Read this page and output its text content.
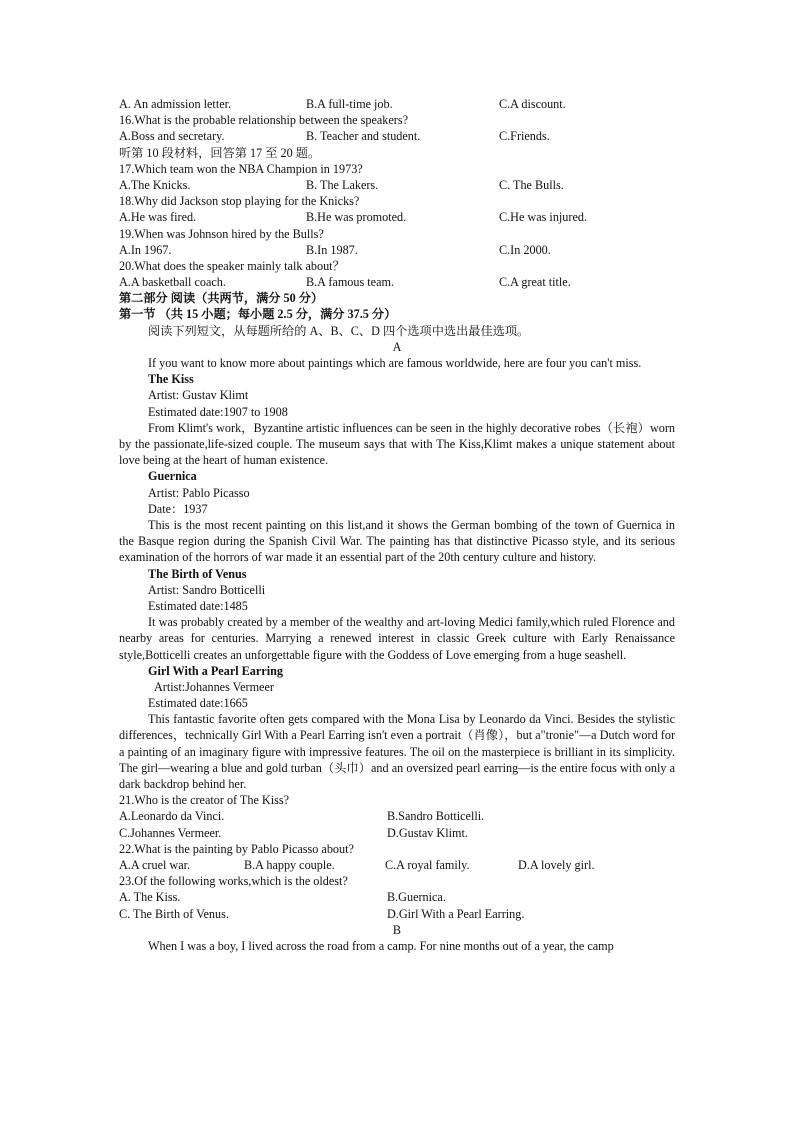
A. An admission letter.	B.A full-time job.	C.A discount.
16.What is the probable relationship between the speakers?
A.Boss and secretary.	B. Teacher and student.	C.Friends.
听第 10 段材料，回答第 17 至 20 题。
17.Which team won the NBA Champion in 1973?
A.The Knicks.	B. The Lakers.	C. The Bulls.
18.Why did Jackson stop playing for the Knicks?
A.He was fired.	B.He was promoted.	C.He was injured.
19.When was Johnson hired by the Bulls?
A.In 1967.	B.In 1987.	C.In 2000.
20.What does the speaker mainly talk about？
A.A basketball coach.	B.A famous team.	C.A great title.
第二部分 阅读（共两节，满分 50 分）
第一节 （共 15 小题；每小题 2.5 分，满分 37.5 分）
阅读下列短文，从每题所给的 A、B、C、D 四个选项中选出最佳选项。
A

If you want to know more about paintings which are famous worldwide, here are four you can't miss.

The Kiss
Artist: Gustav Klimt
Estimated date:1907 to 1908

From Klimt's work，Byzantine artistic influences can be seen in the highly decorative robes（长袍）worn by the passionate,life-sized couple. The museum says that with The Kiss,Klimt makes a unique statement about love being at the heart of human existence.

Guernica
Artist: Pablo Picasso
Date：1937

This is the most recent painting on this list,and it shows the German bombing of the town of Guernica in the Basque region during the Spanish Civil War. The painting has that distinctive Picasso style, and its serious examination of the horrors of war made it an essential part of the 20th century culture and history.

The Birth of Venus
Artist: Sandro Botticelli
Estimated date:1485

It was probably created by a member of the wealthy and art-loving Medici family,which ruled Florence and nearby areas for centuries. Marrying a renewed interest in classic Greek culture with Early Renaissance style,Botticelli creates an unforgettable figure with the Goddess of Love emerging from a huge seashell.

Girl With a Pearl Earring
Artist:Johannes Vermeer
Estimated date:1665

This fantastic favorite often gets compared with the Mona Lisa by Leonardo da Vinci. Besides the stylistic differences，technically Girl With a Pearl Earring isn't even a portrait（肖像），but a"tronie"—a Dutch word for a painting of an imaginary figure with impressive features. The oil on the masterpiece is brilliant in its simplicity. The girl—wearing a blue and gold turban（头巾）and an oversized pearl earring—is the entire focus with only a dark backdrop behind her.

21.Who is the creator of The Kiss?
A.Leonardo da Vinci.	B.Sandro Botticelli.
C.Johannes Vermeer.	D.Gustav Klimt.
22.What is the painting by Pablo Picasso about?
A.A cruel war.	B.A happy couple.	C.A royal family.	D.A lovely girl.
23.Of the following works,which is the oldest?
A. The Kiss.	B.Guernica.
C. The Birth of Venus.	D.Girl With a Pearl Earring.
B
When I was a boy, I lived across the road from a camp. For nine months out of a year, the camp
